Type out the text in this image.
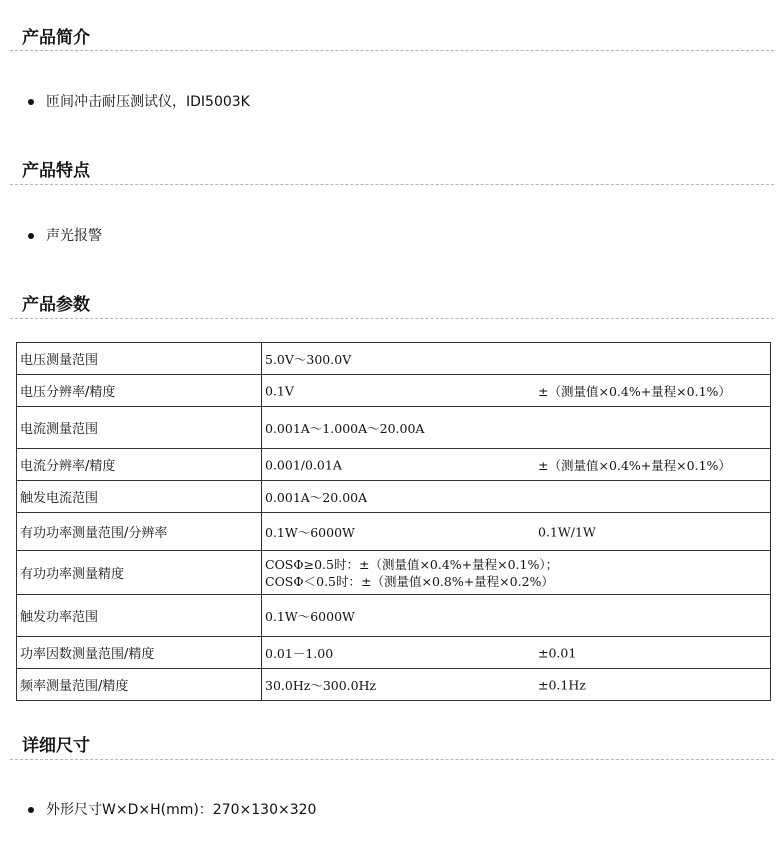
产品简介
匝间冲击耐压测试仪，IDI5003K
产品特点
声光报警
产品参数
电压测量范围	5.0V～300.0V

电压分辨率/精度	0.1V ±（测量值×0.4%+量程×0.1%）

电流测量范围	0.001A～1.000A～20.00A

电流分辨率/精度	0.001/0.01A ±（测量值×0.4%+量程×0.1%）

触发电流范围	0.001A～20.00A

有功功率测量范围/分辨率	0.1W～6000W 0.1W/1W

有功功率测量精度	COSΦ≥0.5时：±（测量值×0.4%+量程×0.1%）；
COSΦ＜0.5时：±（测量值×0.8%+量程×0.2%）

触发功率范围	0.1W～6000W

功率因数测量范围/精度	0.01－1.00 ±0.01

频率测量范围/精度	30.0Hz～300.0Hz ±0.1Hz
详细尺寸
外形尺寸W×D×H(mm)：270×130×320
